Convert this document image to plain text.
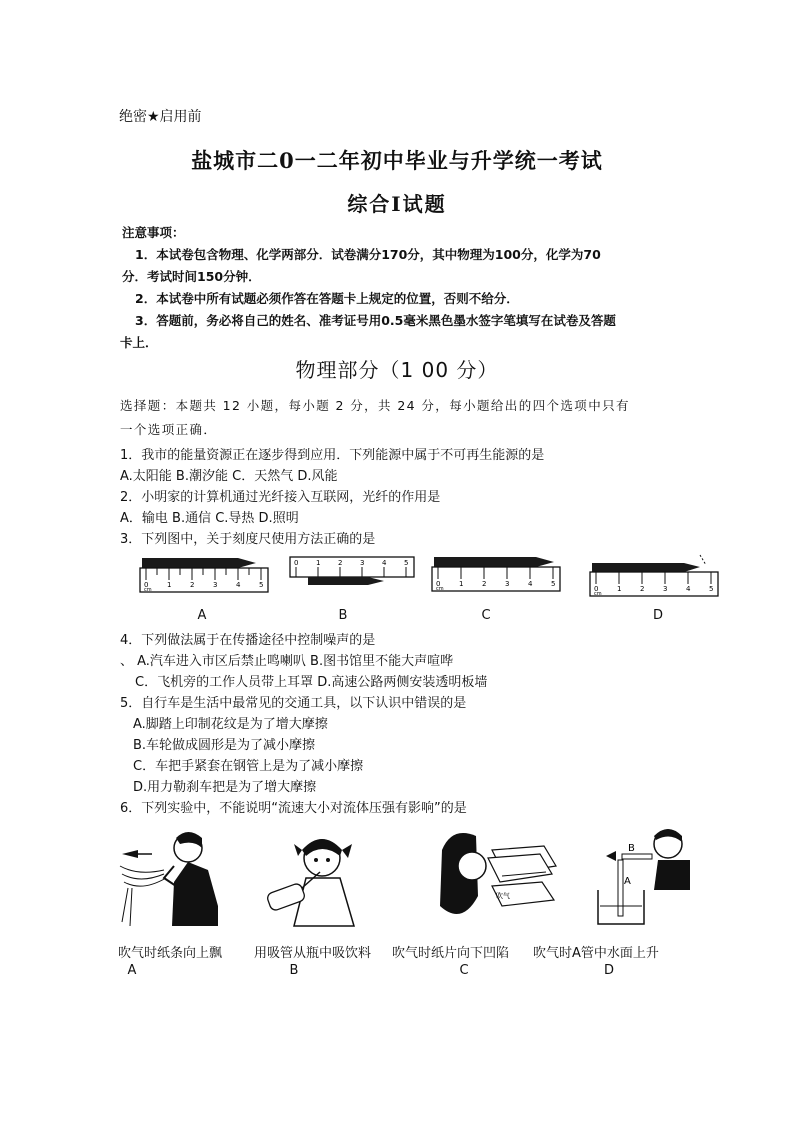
绝密★启用前
盐城市二0一二年初中毕业与升学统一考试
综合Ⅰ试题
注意事项：
1．本试卷包含物理、化学两部分．试卷满分170分，其中物理为100分，化学为70
分．考试时间150分钟．
2．本试卷中所有试题必须作答在答题卡上规定的位置，否则不给分．
3．答题前，务必将自己的姓名、准考证号用0.5毫米黑色墨水签字笔填写在试卷及答题
卡上．
物理部分（1 00 分）
选择题：本题共 12 小题，每小题 2 分，共 24 分，每小题给出的四个选项中只有
一个选项正确．
1．我市的能量资源正在逐步得到应用．下列能源中属于不可再生能源的是
A.太阳能 B.潮汐能 C．天然气 D.风能
2．小明家的计算机通过光纤接入互联网，光纤的作用是
A．输电 B.通信 C.导热 D.照明
3．下列图中，关于刻度尺使用方法正确的是
0	1	2	3	4	5
cm
0	1	2	3	4	5
0	1	2	3	4	5
cm	0	1	2	3	4	5
cm
A	B	C	D
4．下列做法属于在传播途径中控制噪声的是
、 A.汽车进入市区后禁止鸣喇叭 B.图书馆里不能大声喧哗
C．飞机旁的工作人员带上耳罩 D.高速公路两侧安装透明板墙
5．自行车是生活中最常见的交通工具，以下认识中错误的是
A.脚踏上印制花纹是为了增大摩擦
B.车轮做成圆形是为了减小摩擦
C．车把手紧套在钢管上是为了减小摩擦
D.用力勒刹车把是为了增大摩擦
6．下列实验中，不能说明“流速大小对流体压强有影响”的是
吹气
B
A
吹气时纸条向上飘 用吸管从瓶中吸饮料 吹气时纸片向下凹陷 吹气时A管中水面上升
A	B	C	D
